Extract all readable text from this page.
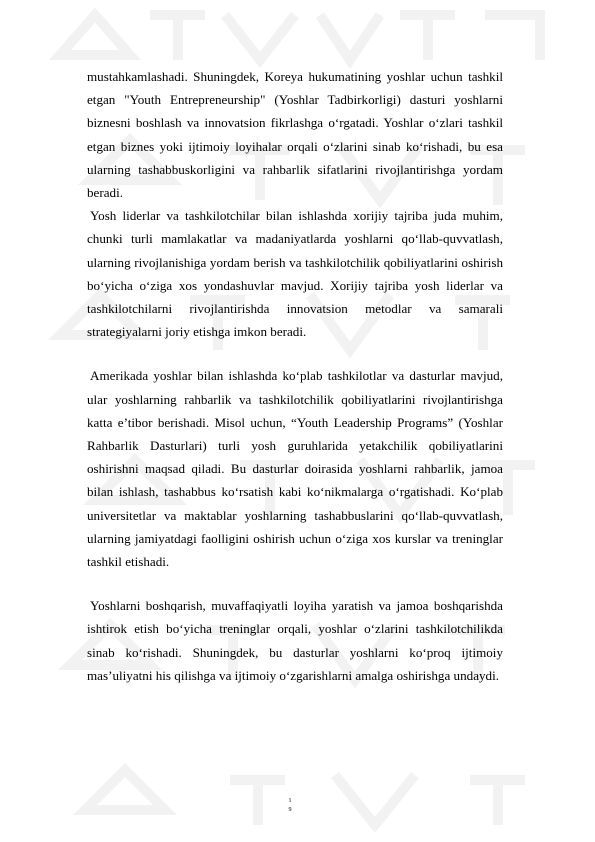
mustahkamlashadi. Shuningdek, Koreya hukumatining yoshlar uchun tashkil etgan "Youth Entrepreneurship" (Yoshlar Tadbirkorligi) dasturi yoshlarni biznesni boshlash va innovatsion fikrlashga o‘rgatadi. Yoshlar o‘zlari tashkil etgan biznes yoki ijtimoiy loyihalar orqali o‘zlarini sinab ko‘rishadi, bu esa ularning tashabbuskorligini va rahbarlik sifatlarini rivojlantirishga yordam beradi.

Yosh liderlar va tashkilotchilar bilan ishlashda xorijiy tajriba juda muhim, chunki turli mamlakatlar va madaniyatlarda yoshlarni qo‘llab-quvvatlash, ularning rivojlanishiga yordam berish va tashkilotchilik qobiliyatlarini oshirish bo‘yicha o‘ziga xos yondashuvlar mavjud. Xorijiy tajriba yosh liderlar va tashkilotchilarni rivojlantirishda innovatsion metodlar va samarali strategiyalarni joriy etishga imkon beradi.

Amerikada yoshlar bilan ishlashda ko‘plab tashkilotlar va dasturlar mavjud, ular yoshlarning rahbarlik va tashkilotchilik qobiliyatlarini rivojlantirishga katta e’tibor berishadi. Misol uchun, “Youth Leadership Programs” (Yoshlar Rahbarlik Dasturlari) turli yosh guruhlarida yetakchilik qobiliyatlarini oshirishni maqsad qiladi. Bu dasturlar doirasida yoshlarni rahbarlik, jamoa bilan ishlash, tashabbus ko‘rsatish kabi ko‘nikmalarga o‘rgatishadi. Ko‘plab universitetlar va maktablar yoshlarning tashabbuslarini qo‘llab-quvvatlash, ularning jamiyatdagi faolligini oshirish uchun o‘ziga xos kurslar va treninglar tashkil etishadi.

Yoshlarni boshqarish, muvaffaqiyatli loyiha yaratish va jamoa boshqarishda ishtirok etish bo‘yicha treninglar orqali, yoshlar o‘zlarini tashkilotchilikda sinab ko‘rishadi. Shuningdek, bu dasturlar yoshlarni ko‘proq ijtimoiy mas’uliyatni his qilishga va ijtimoiy o‘zgarishlarni amalga oshirishga undaydi.

1
9
